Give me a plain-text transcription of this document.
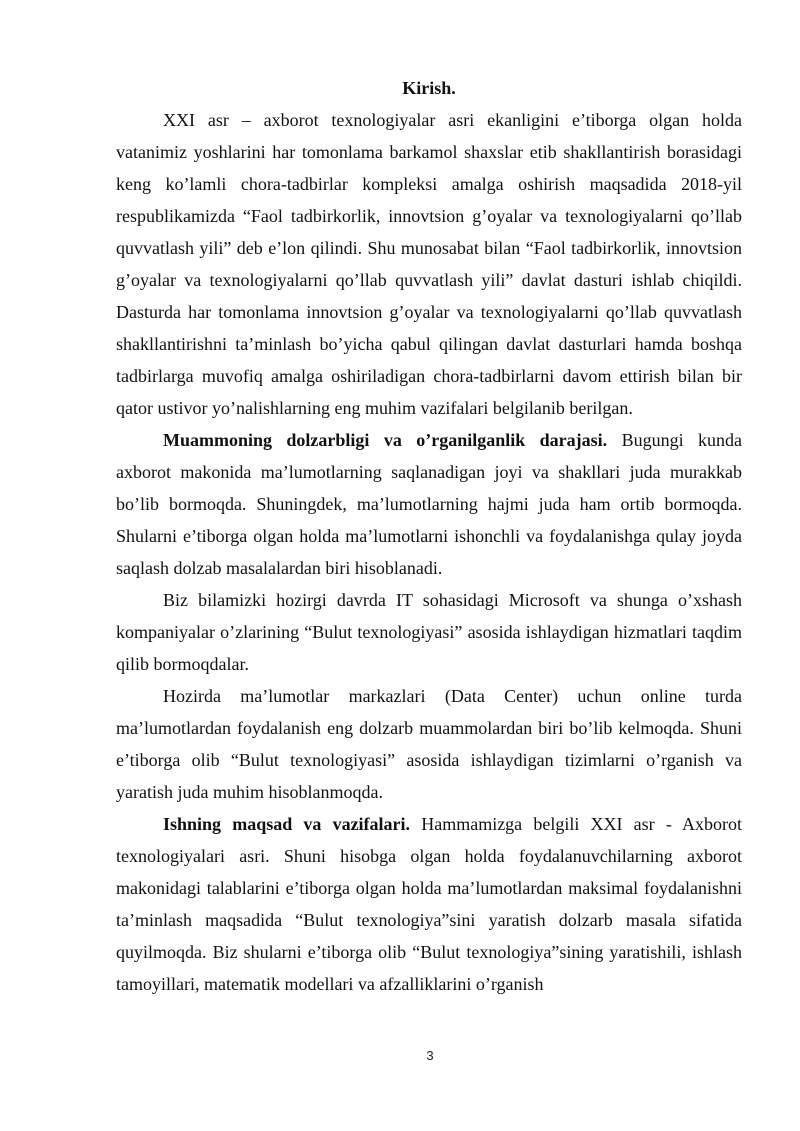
Kirish.

XXI asr – axborot texnologiyalar asri ekanligini e’tiborga olgan holda vatanimiz yoshlarini har tomonlama barkamol shaxslar etib shakllantirish borasidagi keng ko’lamli chora-tadbirlar kompleksi amalga oshirish maqsadida 2018-yil respublikamizda “Faol tadbirkorlik, innovtsion g’oyalar va texnologiyalarni qo’llab quvvatlash yili” deb e’lon qilindi. Shu munosabat bilan “Faol tadbirkorlik, innovtsion g’oyalar va texnologiyalarni qo’llab quvvatlash yili” davlat dasturi ishlab chiqildi. Dasturda har tomonlama innovtsion g’oyalar va texnologiyalarni qo’llab quvvatlash shakllantirishni ta’minlash bo’yicha qabul qilingan davlat dasturlari hamda boshqa tadbirlarga muvofiq amalga oshiriladigan chora-tadbirlarni davom ettirish bilan bir qator ustivor yo’nalishlarning eng muhim vazifalari belgilanib berilgan.

Muammoning dolzarbligi va o’rganilganlik darajasi. Bugungi kunda axborot makonida ma’lumotlarning saqlanadigan joyi va shakllari juda murakkab bo’lib bormoqda. Shuningdek, ma’lumotlarning hajmi juda ham ortib bormoqda. Shularni e’tiborga olgan holda ma’lumotlarni ishonchli va foydalanishga qulay joyda saqlash dolzab masalalardan biri hisoblanadi.

Biz bilamizki hozirgi davrda IT sohasidagi Microsoft va shunga o’xshash kompaniyalar o’zlarining “Bulut texnologiyasi” asosida ishlaydigan hizmatlari taqdim qilib bormoqdalar.

Hozirda ma’lumotlar markazlari (Data Center) uchun online turda ma’lumotlardan foydalanish eng dolzarb muammolardan biri bo’lib kelmoqda. Shuni e’tiborga olib “Bulut texnologiyasi” asosida ishlaydigan tizimlarni o’rganish va yaratish juda muhim hisoblanmoqda.

Ishning maqsad va vazifalari. Hammamizga belgili XXI asr - Axborot texnologiyalari asri. Shuni hisobga olgan holda foydalanuvchilarning axborot makonidagi talablarini e’tiborga olgan holda ma’lumotlardan maksimal foydalanishni ta’minlash maqsadida “Bulut texnologiya”sini yaratish dolzarb masala sifatida quyilmoqda. Biz shularni e’tiborga olib “Bulut texnologiya”sining yaratishili, ishlash tamoyillari, matematik modellari va afzalliklarini o’rganish

3
